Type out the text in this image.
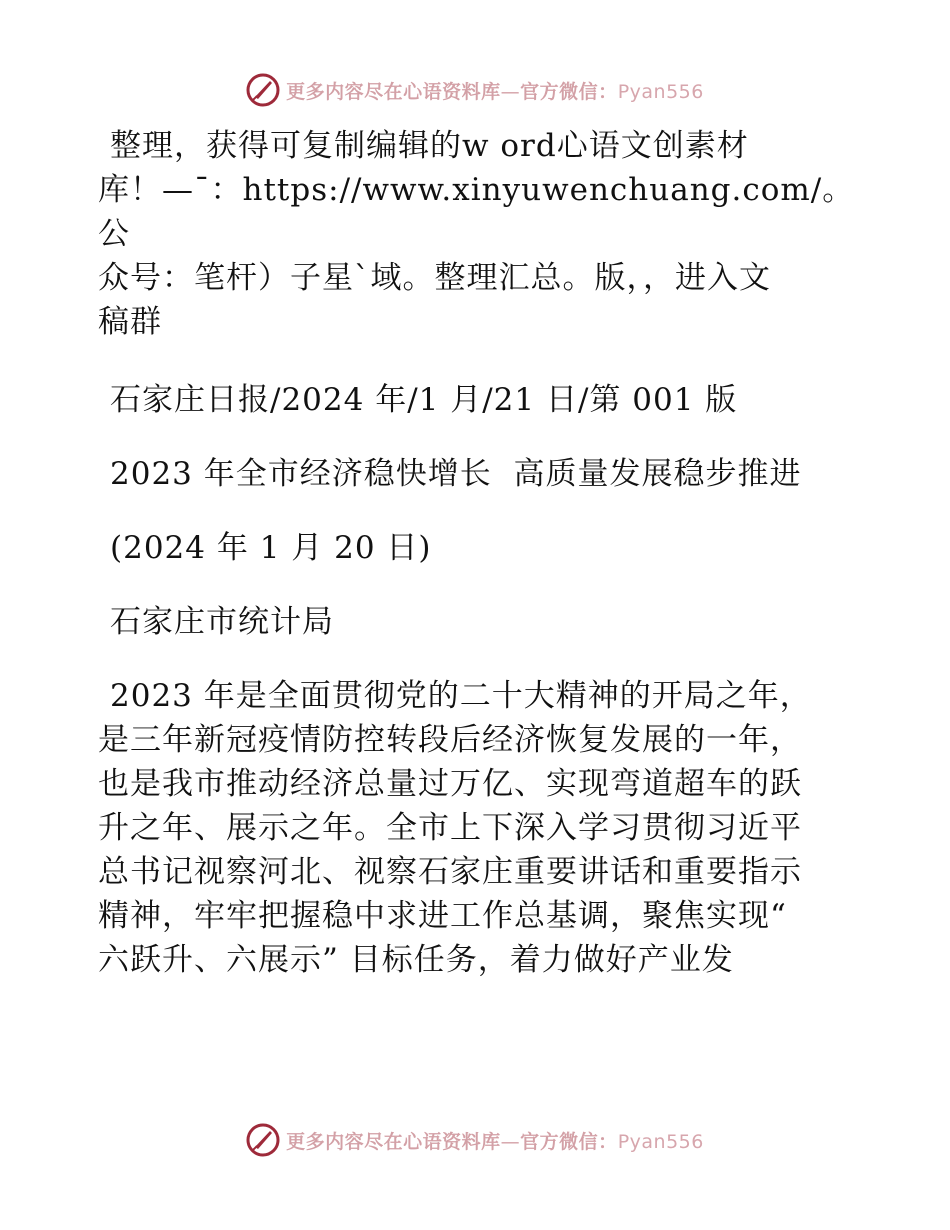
更多内容尽在心语资料库—官方微信：Pyan556

整理，获得可复制编辑的w ord心语文创素材

库！—¯：https://www.xinyuwenchuang.com/。公

众号：笔杆）子星`域。整理汇总。版，，进入文

稿群

石家庄日报/2024 年/1 月/21 日/第 001 版

2023 年全市经济稳快增长  高质量发展稳步推进

(2024 年 1 月 20 日)

石家庄市统计局

2023 年是全面贯彻党的二十大精神的开局之年，

是三年新冠疫情防控转段后经济恢复发展的一年，

也是我市推动经济总量过万亿、实现弯道超车的跃

升之年、展示之年。全市上下深入学习贯彻习近平

总书记视察河北、视察石家庄重要讲话和重要指示

精神，牢牢把握稳中求进工作总基调，聚焦实现“

六跃升、六展示” 目标任务，着力做好产业发

更多内容尽在心语资料库—官方微信：Pyan556
